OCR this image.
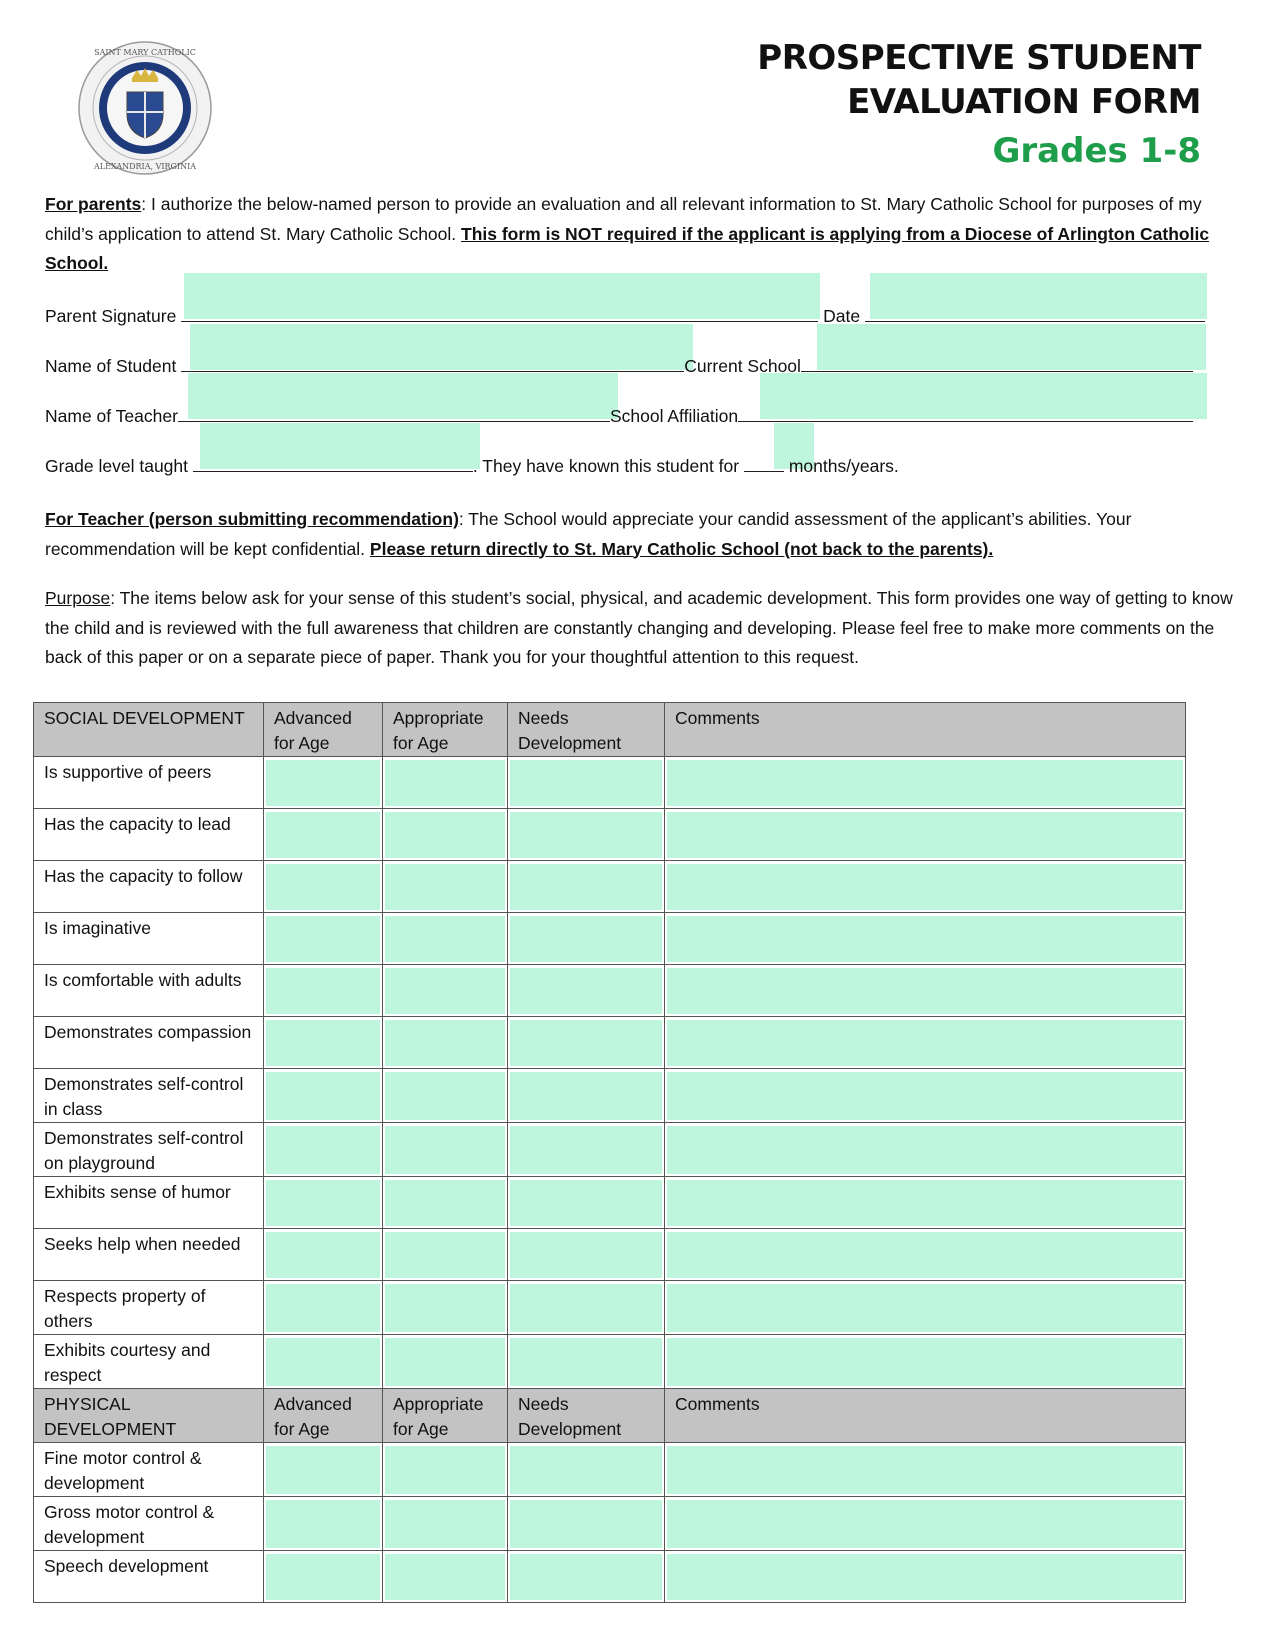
SAINT MARY CATHOLIC
ALEXANDRIA, VIRGINIA
PROSPECTIVE STUDENT
EVALUATION FORM
Grades 1-8
For parents: I authorize the below-named person to provide an evaluation and all relevant information to St. Mary Catholic School for purposes of my child’s application to attend St. Mary Catholic School. This form is NOT required if the applicant is applying from a Diocese of Arlington Catholic School.
Parent Signature	Date
Name of Student	Current School
Name of Teacher	School Affiliation
Grade level taught	. They have known this student for	months/years.
For Teacher (person submitting recommendation): The School would appreciate your candid assessment of the applicant’s abilities. Your recommendation will be kept confidential. Please return directly to St. Mary Catholic School (not back to the parents).
Purpose: The items below ask for your sense of this student’s social, physical, and academic development. This form provides one way of getting to know the child and is reviewed with the full awareness that children are constantly changing and developing. Please feel free to make more comments on the back of this paper or on a separate piece of paper. Thank you for your thoughtful attention to this request.
SOCIAL DEVELOPMENT	Advanced for Age	Appropriate for Age	Needs Development	Comments
Is supportive of peers	

Has the capacity to lead	

Has the capacity to follow	

Is imaginative	

Is comfortable with adults	

Demonstrates compassion	

Demonstrates self-control in class	

Demonstrates self-control on playground	

Exhibits sense of humor	

Seeks help when needed	

Respects property of others	

Exhibits courtesy and respect	

PHYSICAL DEVELOPMENT	Advanced for Age	Appropriate for Age	Needs Development	Comments
Fine motor control & development	

Gross motor control & development	

Speech development	
